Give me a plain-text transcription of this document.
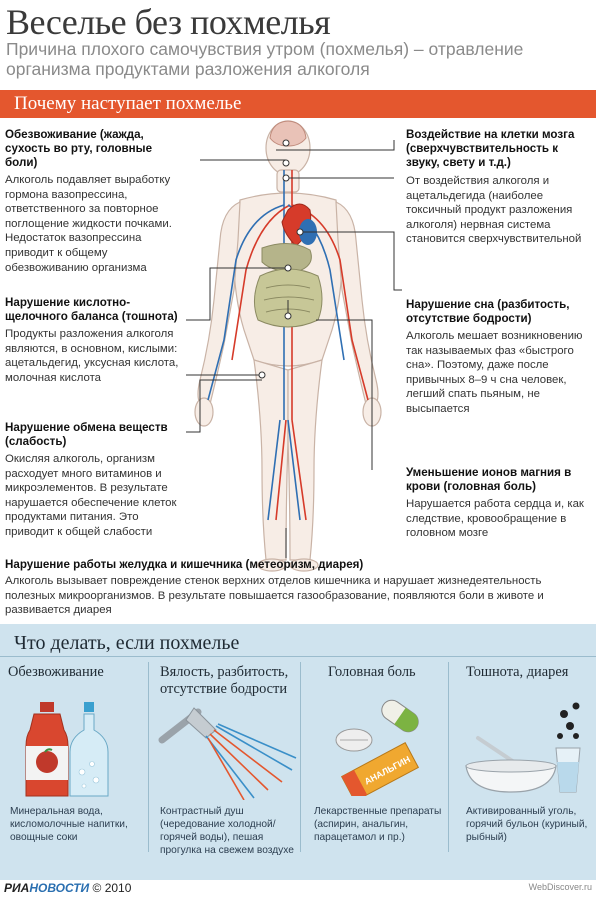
Веселье без похмелья
Причина плохого самочувствия утром (похмелья) – отравление организма продуктами разложения алкоголя
Почему наступает похмелье
Обезвоживание (жажда, сухость во рту, головные боли)
Алкоголь подавляет выработку гормона вазопрессина, ответственного за повторное поглощение жидкости почками. Недостаток вазопрессина приводит к общему обезвоживанию организма
Нарушение кислотно-щелочного баланса (тошнота)
Продукты разложения алкоголя являются, в основном, кислыми: ацетальдегид, уксусная кислота, молочная кислота
Нарушение обмена веществ (слабость)
Окисляя алкоголь, организм расходует много витаминов и микроэлементов. В результате нарушается обеспечение клеток продуктами питания. Это приводит к общей слабости
Воздействие на клетки мозга (сверхчувствительность к звуку, свету и т.д.)
От воздействия алкоголя и ацетальдегида (наиболее токсичный продукт разложения алкоголя) нервная система становится сверхчувствительной
Нарушение сна (разбитость, отсутствие бодрости)
Алкоголь мешает возникновению так называемых фаз «быстрого сна». Поэтому, даже после привычных 8–9 ч сна человек, легший спать пьяным, не высыпается
Уменьшение ионов магния в крови (головная боль)
Нарушается работа сердца и, как следствие, кровообращение в головном мозге
Нарушение работы желудка и кишечника (метеоризм, диарея)
Алкоголь вызывает повреждение стенок верхних отделов кишечника и нарушает жизнедеятельность полезных микроорганизмов. В результате повышается газообразование, появляются боли в животе и развивается диарея
Что делать, если похмелье
Обезвоживание	Вялость, разбитость, отсутствие бодрости
Головная боль	Тошнота, диарея
АНАЛЬГИН
Минеральная вода, кисломолочные напитки, овощные соки
Контрастный душ (чередование холодной/горячей воды), пешая прогулка на свежем воздухе
Лекарственные препараты (аспирин, анальгин, парацетамол и пр.)
Активированный уголь, горячий бульон (куриный, рыбный)
РИАНОВОСТИ © 2010	WebDiscover.ru
